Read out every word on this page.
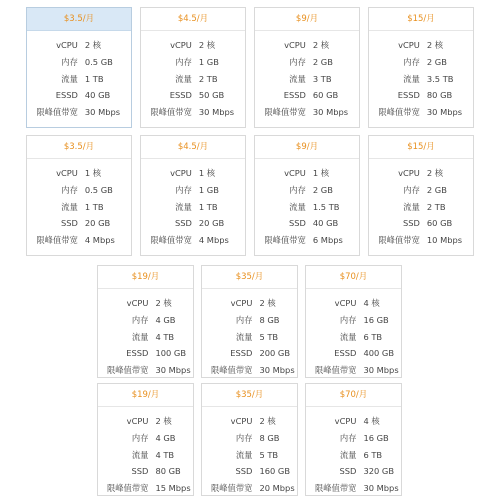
$3.5/月
vCPU 2 核
内存 0.5 GB
流量 1 TB
ESSD 40 GB
限峰值带宽 30 Mbps
$4.5/月
vCPU 2 核
内存 1 GB
流量 2 TB
ESSD 50 GB
限峰值带宽 30 Mbps
$9/月
vCPU 2 核
内存 2 GB
流量 3 TB
ESSD 60 GB
限峰值带宽 30 Mbps
$15/月
vCPU 2 核
内存 2 GB
流量 3.5 TB
ESSD 80 GB
限峰值带宽 30 Mbps
$3.5/月
vCPU 1 核
内存 0.5 GB
流量 1 TB
SSD 20 GB
限峰值带宽 4 Mbps
$4.5/月
vCPU 1 核
内存 1 GB
流量 1 TB
SSD 20 GB
限峰值带宽 4 Mbps
$9/月
vCPU 1 核
内存 2 GB
流量 1.5 TB
SSD 40 GB
限峰值带宽 6 Mbps
$15/月
vCPU 2 核
内存 2 GB
流量 2 TB
SSD 60 GB
限峰值带宽 10 Mbps
$19/月
vCPU 2 核
内存 4 GB
流量 4 TB
ESSD 100 GB
限峰值带宽 30 Mbps
$35/月
vCPU 2 核
内存 8 GB
流量 5 TB
ESSD 200 GB
限峰值带宽 30 Mbps
$70/月
vCPU 4 核
内存 16 GB
流量 6 TB
ESSD 400 GB
限峰值带宽 30 Mbps
$19/月
vCPU 2 核
内存 4 GB
流量 4 TB
SSD 80 GB
限峰值带宽 15 Mbps
$35/月
vCPU 2 核
内存 8 GB
流量 5 TB
SSD 160 GB
限峰值带宽 20 Mbps
$70/月
vCPU 4 核
内存 16 GB
流量 6 TB
SSD 320 GB
限峰值带宽 30 Mbps
